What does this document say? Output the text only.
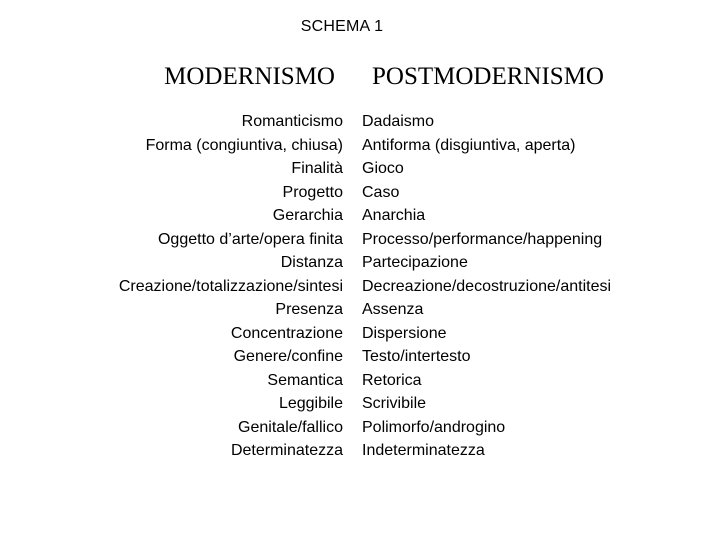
SCHEMA 1
MODERNISMO POSTMODERNISMO
Romanticismo
Forma (congiuntiva, chiusa)
Finalità
Progetto
Gerarchia
Oggetto d’arte/opera finita
Distanza
Creazione/totalizzazione/sintesi
Presenza
Concentrazione
Genere/confine
Semantica
Leggibile
Genitale/fallico
Determinatezza
Dadaismo
Antiforma (disgiuntiva, aperta)
Gioco
Caso
Anarchia
Processo/performance/happening
Partecipazione
Decreazione/decostruzione/antitesi
Assenza
Dispersione
Testo/intertesto
Retorica
Scrivibile
Polimorfo/androgino
Indeterminatezza
